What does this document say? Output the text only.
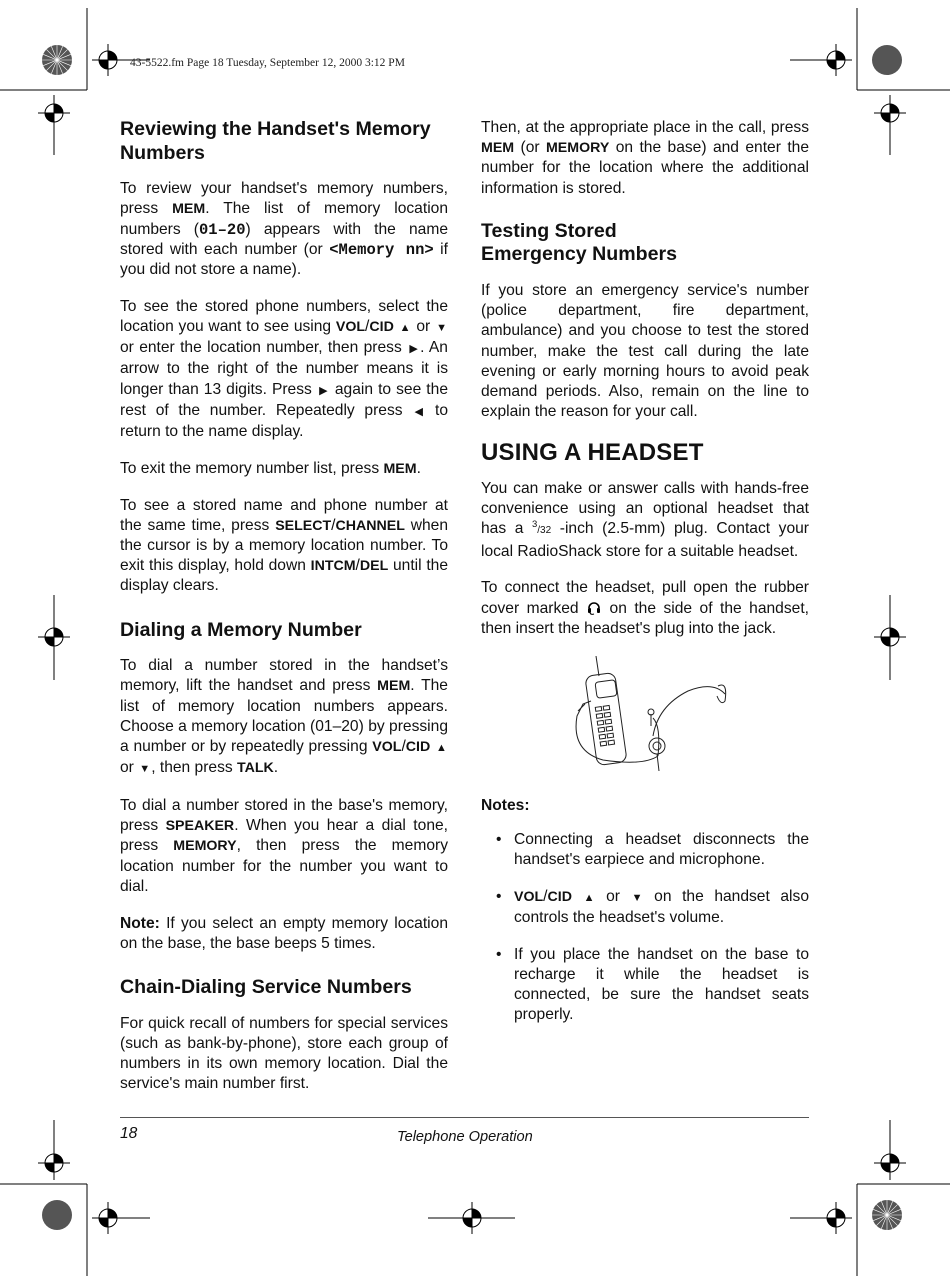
43-5522.fm Page 18 Tuesday, September 12, 2000 3:12 PM
Reviewing the Handset's Memory Numbers

To review your handset's memory numbers, press MEM. The list of memory location numbers (01–20) appears with the name stored with each number (or <Memory nn> if you did not store a name).

To see the stored phone numbers, select the location you want to see using VOL/CID ▲ or ▼ or enter the location number, then press ▶ . An arrow to the right of the number means it is longer than 13 digits. Press ▶ again to see the rest of the number. Repeatedly press ◀ to return to the name display.

To exit the memory number list, press MEM.

To see a stored name and phone number at the same time, press SELECT/CHANNEL when the cursor is by a memory location number. To exit this display, hold down INTCM/DEL until the display clears.

Dialing a Memory Number

To dial a number stored in the handset’s memory, lift the handset and press MEM. The list of memory location numbers appears. Choose a memory location (01–20) by pressing a number or by repeatedly pressing VOL/CID ▲ or ▼, then press TALK.

To dial a number stored in the base's memory, press SPEAKER. When you hear a dial tone, press MEMORY, then press the memory location number for the number you want to dial.

Note: If you select an empty memory location on the base, the base beeps 5 times.

Chain-Dialing Service Numbers

For quick recall of numbers for special services (such as bank-by-phone), store each group of numbers in its own memory location. Dial the service's main number first.

Then, at the appropriate place in the call, press MEM (or MEMORY on the base) and enter the number for the location where the additional information is stored.

Testing Stored Emergency Numbers

If you store an emergency service's number (police department, fire department, ambulance) and you choose to test the stored number, make the test call during the late evening or early morning hours to avoid peak demand periods. Also, remain on the line to explain the reason for your call.

USING A HEADSET

You can make or answer calls with hands-free convenience using an optional headset that has a $^3$/32 -inch (2.5-mm) plug. Contact your local RadioShack store for a suitable headset.

To connect the headset, pull open the rubber cover marked  on the side of the handset, then insert the headset's plug into the jack.

Notes:

• Connecting a headset disconnects the handset's earpiece and microphone.
• VOL/CID ▲ or ▼ on the handset also controls the headset's volume.
• If you place the handset on the base to recharge it while the headset is connected, be sure the handset seats properly.
18	Telephone Operation
